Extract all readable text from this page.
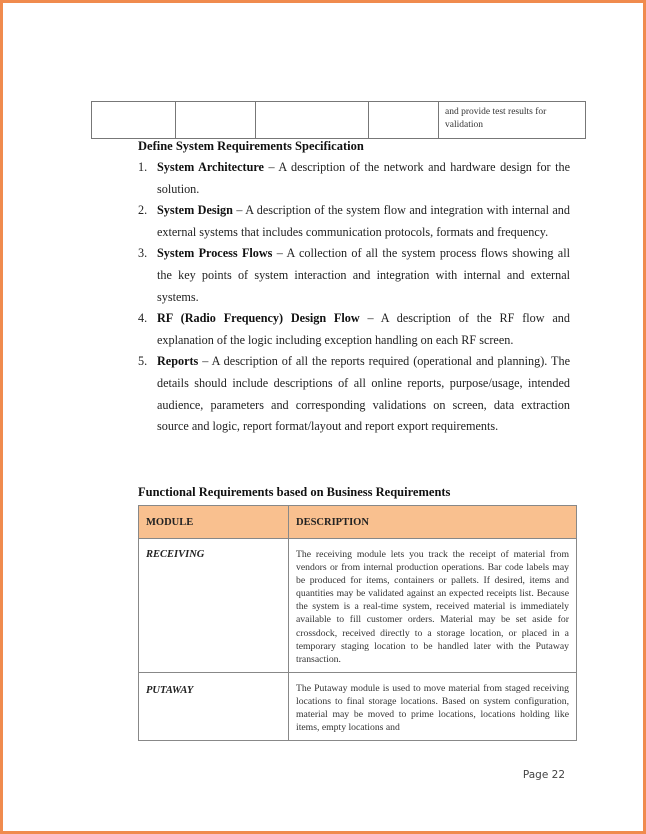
				and provide test results for validation
Define System Requirements Specification
1. System Architecture – A description of the network and hardware design for the solution.
2. System Design – A description of the system flow and integration with internal and external systems that includes communication protocols, formats and frequency.
3. System Process Flows – A collection of all the system process flows showing all the key points of system interaction and integration with internal and external systems.
4. RF (Radio Frequency) Design Flow – A description of the RF flow and explanation of the logic including exception handling on each RF screen.
5. Reports – A description of all the reports required (operational and planning). The details should include descriptions of all online reports, purpose/usage, intended audience, parameters and corresponding validations on screen, data extraction source and logic, report format/layout and report export requirements.
Functional Requirements based on Business Requirements
MODULE	DESCRIPTION
RECEIVING	The receiving module lets you track the receipt of material from vendors or from internal production operations. Bar code labels may be produced for items, containers or pallets. If desired, items and quantities may be validated against an expected receipts list. Because the system is a real-time system, received material is immediately available to fill customer orders. Material may be set aside for crossdock, received directly to a storage location, or placed in a temporary staging location to be handled later with the Putaway transaction.
PUTAWAY	The Putaway module is used to move material from staged receiving locations to final storage locations. Based on system configuration, material may be moved to prime locations, locations holding like items, empty locations and
Page 22
